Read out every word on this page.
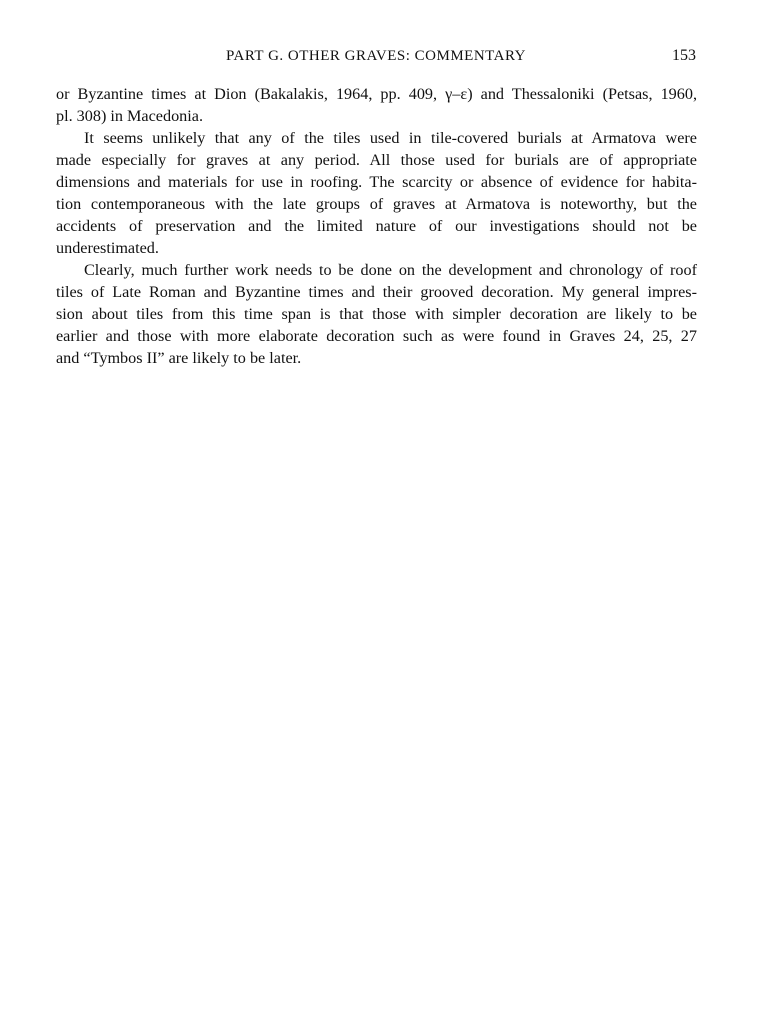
PART G. OTHER GRAVES: COMMENTARY	153
or Byzantine times at Dion (Bakalakis, 1964, pp. 409, γ–ε) and Thessaloniki (Petsas, 1960,
pl. 308) in Macedonia.
It seems unlikely that any of the tiles used in tile-covered burials at Armatova were
made especially for graves at any period. All those used for burials are of appropriate
dimensions and materials for use in roofing. The scarcity or absence of evidence for habita-
tion contemporaneous with the late groups of graves at Armatova is noteworthy, but the
accidents of preservation and the limited nature of our investigations should not be
underestimated.
Clearly, much further work needs to be done on the development and chronology of roof
tiles of Late Roman and Byzantine times and their grooved decoration. My general impres-
sion about tiles from this time span is that those with simpler decoration are likely to be
earlier and those with more elaborate decoration such as were found in Graves 24, 25, 27
and “Tymbos II” are likely to be later.
